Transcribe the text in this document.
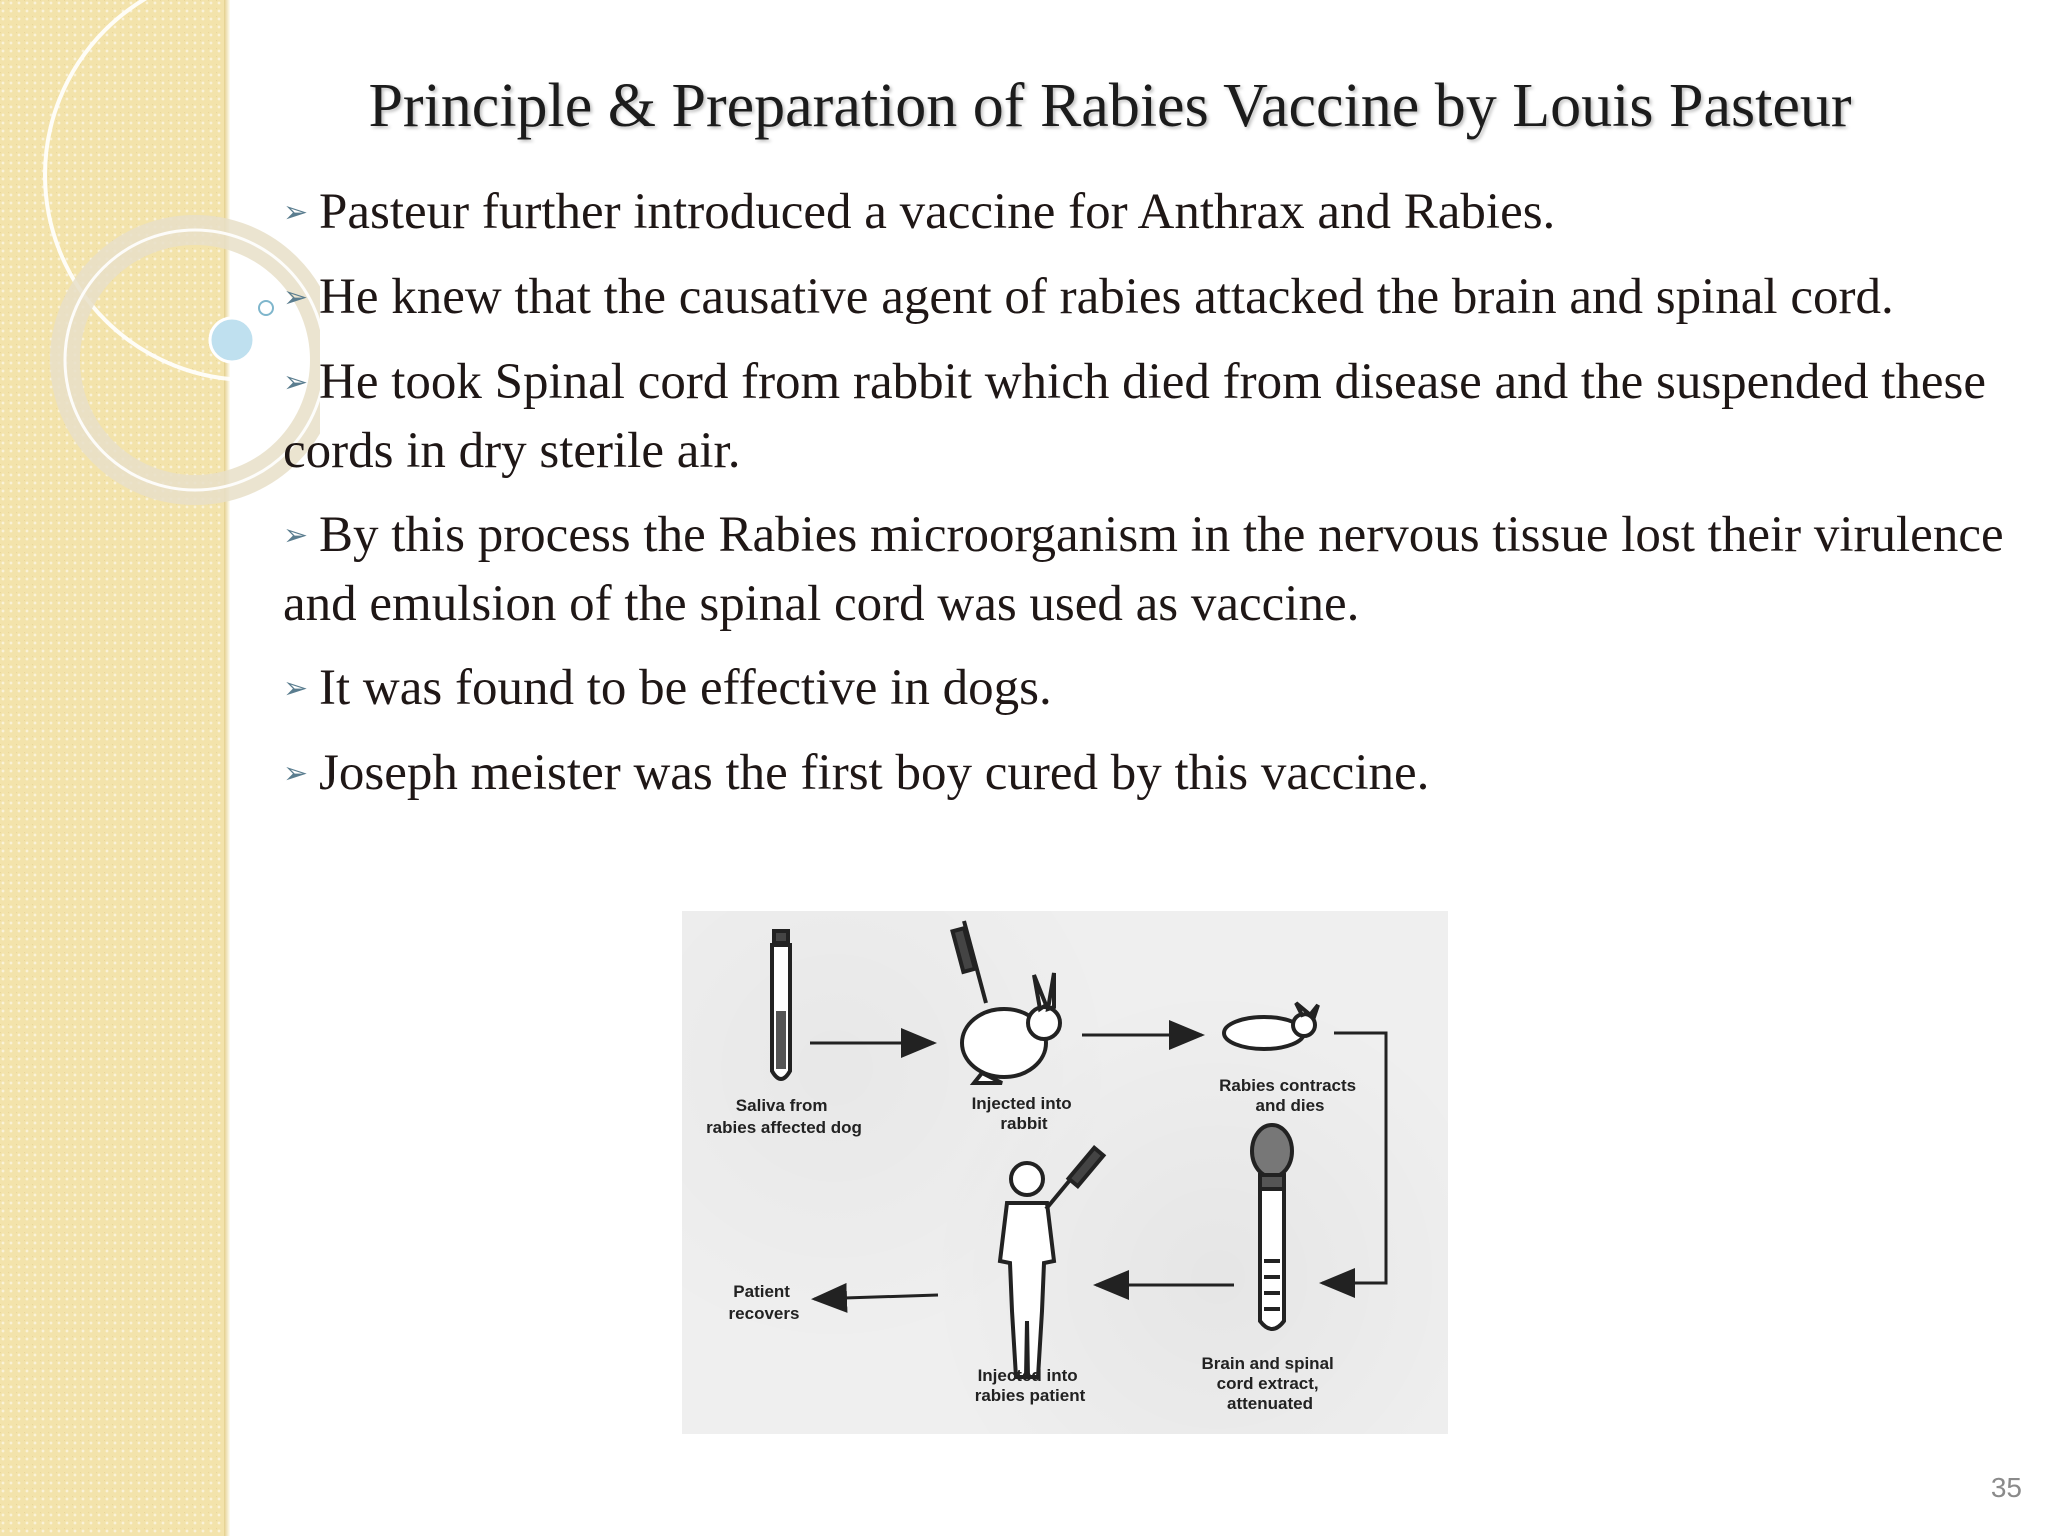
Principle & Preparation of Rabies Vaccine by Louis Pasteur
➢ Pasteur further introduced a vaccine for Anthrax and Rabies.
➢ He knew that the causative agent of rabies attacked the brain and spinal cord.
➢ He took Spinal cord from rabbit which died from disease and the suspended these cords in dry sterile air.
➢ By this process the Rabies microorganism in the nervous tissue lost their virulence and emulsion of the spinal cord was used as vaccine.
➢ It was found to be effective in dogs.
➢ Joseph meister was the first boy cured by this vaccine.
Saliva from rabies affected dog
Injected into rabbit
Rabies contracts and dies
Patient recovers
Injected into rabies patient
Brain and spinal cord extract, attenuated
35
